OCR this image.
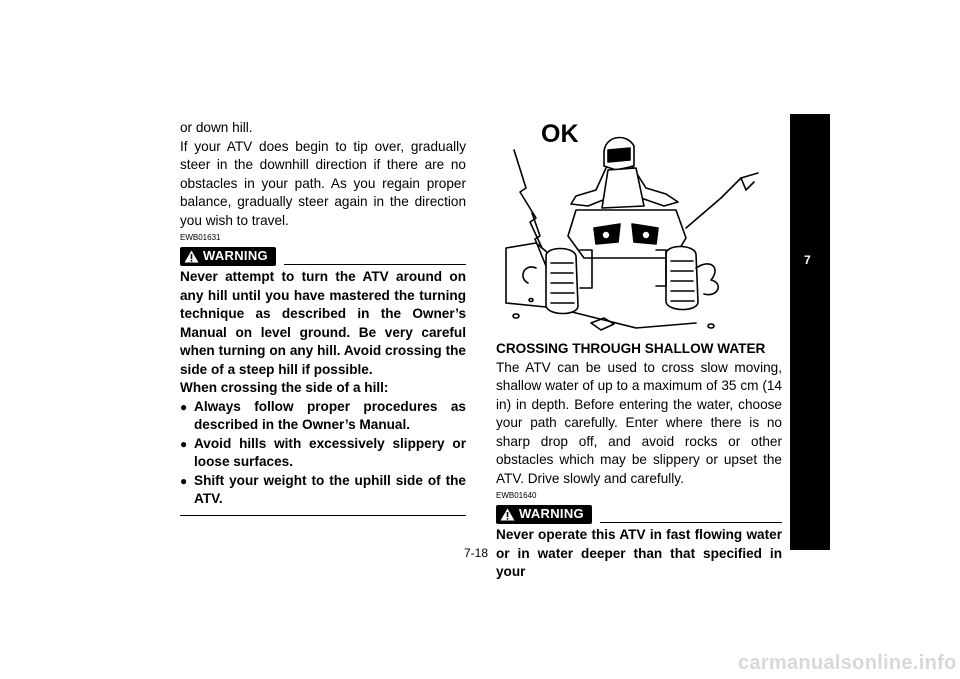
or down hill.

If your ATV does begin to tip over, gradually steer in the downhill direction if there are no obstacles in your path. As you regain proper balance, gradually steer again in the direction you wish to travel.

EWB01631
WARNING

Never attempt to turn the ATV around on any hill until you have mastered the turning technique as described in the Owner’s Manual on level ground. Be very careful when turning on any hill. Avoid crossing the side of a steep hill if possible.

When crossing the side of a hill:

● Always follow proper procedures as described in the Owner’s Manual.
● Avoid hills with excessively slippery or loose surfaces.
● Shift your weight to the uphill side of the ATV.
OK

CROSSING THROUGH SHALLOW WATER

The ATV can be used to cross slow moving, shallow water of up to a maximum of 35 cm (14 in) in depth. Before entering the water, choose your path carefully. Enter where there is no sharp drop off, and avoid rocks or other obstacles which may be slippery or upset the ATV. Drive slowly and carefully.

EWB01640
WARNING

Never operate this ATV in fast flowing water or in water deeper than that specified in your

7
7-18
carmanualsonline.info
